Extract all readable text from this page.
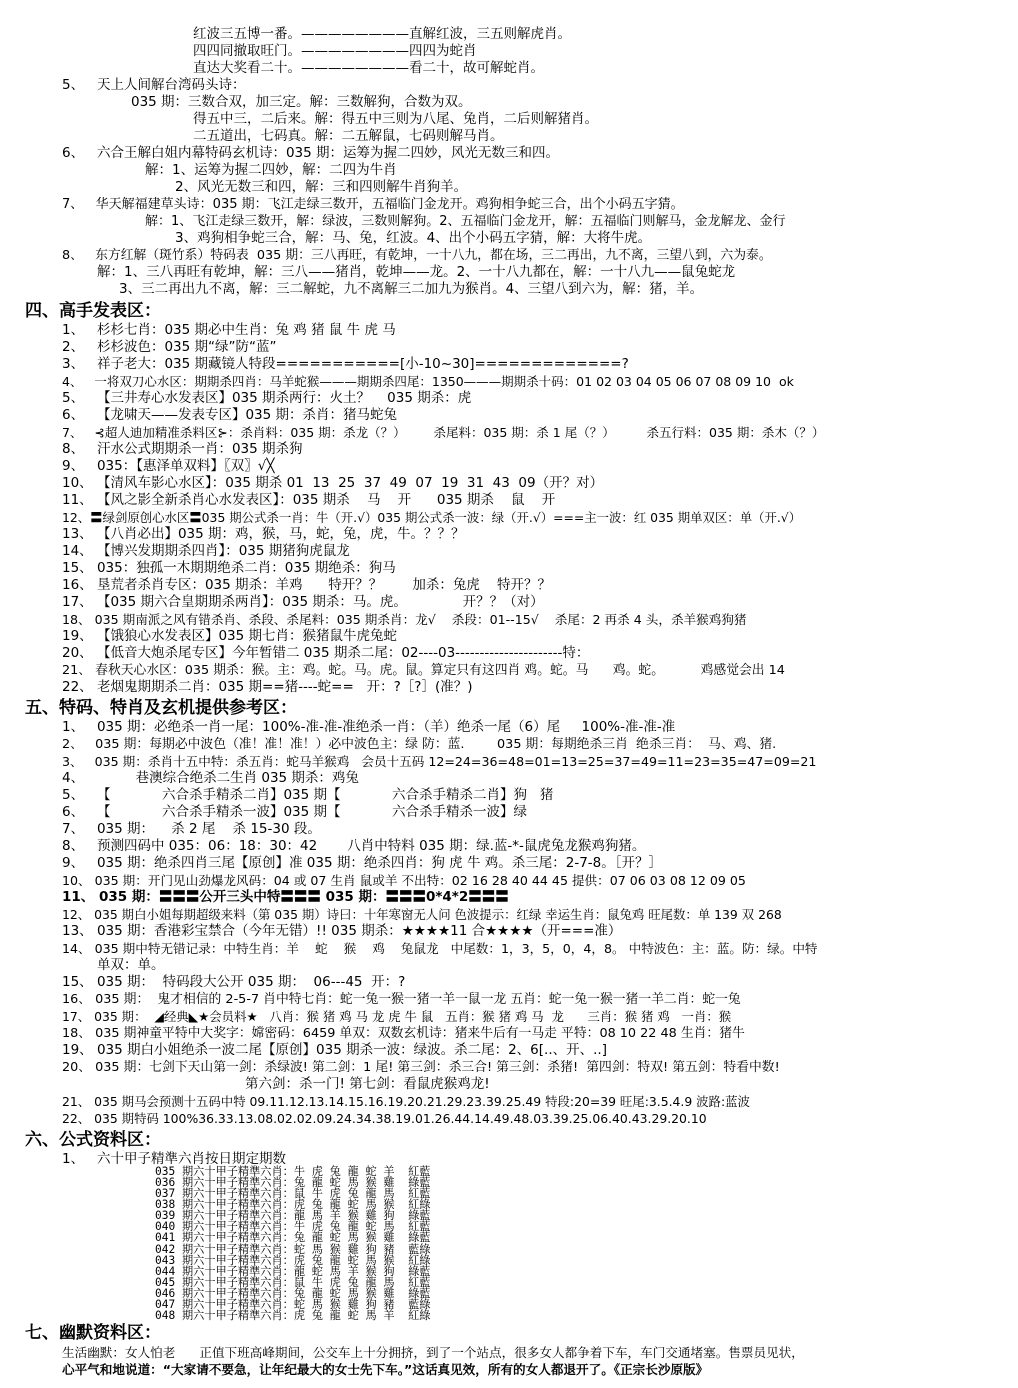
红波三五博一番。————————直解红波，三五则解虎肖。
四四同撤取旺门。————————四四为蛇肖
直达大奖看二十。————————看二十，故可解蛇肖。
5、   天上人间解台湾码头诗：
035 期：三数合双，加三定。解：三数解狗，合数为双。
得五中三，二后来。解：得五中三则为八尾、兔肖，二后则解猪肖。
二五道出，七码真。解：二五解鼠，七码则解马肖。
6、   六合王解白姐内幕特码玄机诗：035 期：运筹为握二四妙，风光无数三和四。
解：1、运筹为握二四妙，解：二四为牛肖
2、风光无数三和四，解：三和四则解牛肖狗羊。
7、   华天解福建草头诗：035 期：飞江走绿三数开，五福临门金龙开。鸡狗相争蛇三合，出个小码五字猜。
解：1、飞江走绿三数开，解：绿波，三数则解狗。2、五福临门金龙开，解：五福临门则解马，金龙解龙、金行
3、鸡狗相争蛇三合，解：马、兔，红波。4、出个小码五字猜，解：大将牛虎。
8、   东方红解（斑竹系）特码表  035 期：三八再旺，有乾坤，一十八九，都在场，三二再出，九不离，三望八到，六为泰。
解：1、三八再旺有乾坤，解：三八——猪肖，乾坤——龙。2、一十八九都在，解：一十八九——鼠兔蛇龙
3、三二再出九不离，解：三二解蛇，九不离解三二加九为猴肖。4、三望八到六为，解：猪，羊。
四、高手发表区：
1、   杉杉七肖：035 期必中生肖：兔 鸡 猪 鼠 牛 虎 马
2、   杉杉波色：035 期“绿”防“蓝”
3、   祥子老大：035 期藏镜人特段===========[小-10~30]=============?
4、   一将双刀心水区：期期杀四肖：马羊蛇猴———期期杀四尾：1350———期期杀十码：01 02 03 04 05 06 07 08 09 10  ok
5、   【三井寿心水发表区】035 期杀两行：火土？    035 期杀：虎
6、   【龙啸天——发表专区】035 期：杀肖：猪马蛇兔
7、   ⊰超人迪加精准杀料区⊱：杀肖料：035 期：杀龙（？）       杀尾料：035 期：杀 1 尾（？）        杀五行料：035 期：杀木（？）
8、   汗水公式期期杀一肖：035 期杀狗
9、   035：【惠泽单双料】〖双〗√╳
10、 【清风车影心水区】：035 期杀 01  13  25  37  49  07  19  31  43  09（开？对）
11、 【风之影全新杀肖心水发表区】：035 期杀    马    开      035 期杀    鼠    开
12、〓绿剑原创心水区〓035 期公式杀一肖：牛（开.√）035 期公式杀一波：绿（开.√）===主一波：红 035 期单双区：单（开.√）
13、 【八肖必出】035 期：鸡，猴，马，蛇，兔，虎，牛。？？？
14、 【博兴发期期杀四肖】：035 期猪狗虎鼠龙
15、 035：独孤一木期期绝杀二肖：035 期绝杀：狗马
16、 垦荒者杀肖专区：035 期杀：羊鸡      特开？？       加杀：兔虎    特开？？
17、 【035 期六合皇期期杀两肖】：035 期杀：马。虎。             开？？（对）
18、 035 期南派之风有错杀肖、杀段、杀尾料：035 期杀肖：龙√    杀段：01--15√    杀尾：2 再杀 4 头，杀羊猴鸡狗猪
19、 【饿狼心水发表区】035 期七肖：猴猪鼠牛虎兔蛇
20、 【低音大炮杀尾专区】今年暂错二 035 期杀二尾：02----03----------------------特：
21、 春秋天心水区：035 期杀：猴。主：鸡。蛇。马。虎。鼠。算定只有这四肖 鸡。蛇。马      鸡。蛇。         鸡感觉会出 14
22、 老烟鬼期期杀二肖：035 期==猪----蛇==   开：?［?］(准？)
五、特码、特肖及玄机提供参考区：
1、   035 期：必绝杀一肖一尾：100%-准-准-准绝杀一肖：（羊）绝杀一尾（6）尾     100%-准-准-准
2、   035 期：每期必中波色（准！准！准！）必中波色主：绿 防：蓝.        035 期：每期绝杀三肖  绝杀三肖：  马、鸡、猪.
3、   035 期：杀肖十五中特：杀五肖：蛇马羊猴鸡   会员十五码 12=24=36=48=01=13=25=37=49=11=23=35=47=09=21
4、            巷澳综合绝杀二生肖 035 期杀：鸡兔
5、   【            六合杀手精杀二肖】035 期【            六合杀手精杀二肖】狗   猪
6、   【            六合杀手精杀一波】035 期【            六合杀手精杀一波】绿
7、   035 期：    杀 2 尾    杀 15-30 段。
8、   预测四码中 035：06：18：30：42       八肖中特料 035 期：绿.蓝-*-鼠虎兔龙猴鸡狗猪。
9、   035 期：绝杀四肖三尾【原创】准 035 期：绝杀四肖：狗 虎 牛 鸡。杀三尾：2-7-8。［开？］
10、 035 期：开门见山劲爆龙风码：04 或 07 生肖 鼠或羊 不出特：02 16 28 40 44 45 提供：07 06 03 08 12 09 05
11、 035 期：〓〓〓公开三头中特〓〓〓 035 期：〓〓〓0*4*2〓〓〓
12、 035 期白小姐每期超级来料（第 035 期）诗曰：十年寒窗无人问 色波提示：红绿 幸运生肖：鼠兔鸡 旺尾数：单 139 双 268
13、 035 期：香港彩宝禁合（今年无错）!! 035 期杀：★★★★11 合★★★★（开===准）
14、 035 期中特无错记录：中特生肖：羊    蛇    猴    鸡    兔鼠龙   中尾数：1，3，5，0，4，8。 中特波色：主：蓝。防：绿。中特
单双：单。
15、 035 期：  特码段大公开 035 期：  06---45  开：?
16、 035 期：  鬼才相信的 2-5-7 肖中特七肖：蛇一兔一猴一猪一羊一鼠一龙 五肖：蛇一兔一猴一猪一羊二肖：蛇一兔
17、 035 期：  ◢经典◣★会员料★   八肖：猴 猪 鸡 马 龙 虎 牛 鼠   五肖：猴 猪 鸡 马  龙      三肖：猴 猪 鸡   一肖：猴
18、 035 期神童平特中大奖字：嫦密码：6459 单双：双数玄机诗：猪来牛后有一马走 平特：08 10 22 48 生肖：猪牛
19、 035 期白小姐绝杀一波二尾【原创】035 期杀一波：绿波。杀二尾：2、6[..、开、..]
20、 035 期：七剑下天山第一剑：杀绿波! 第二剑：1 尾! 第三剑：杀三合! 第三剑：杀猪!  第四剑：特双! 第五剑：特看中数!
第六剑：杀一门! 第七剑：看鼠虎猴鸡龙!
21、 035 期马会预测十五码中特 09.11.12.13.14.15.16.19.20.21.29.23.39.25.49 特段:20=39 旺尾:3.5.4.9 波路:蓝波
22、 035 期特码 100%36.33.13.08.02.02.09.24.34.38.19.01.26.44.14.49.48.03.39.25.06.40.43.29.20.10
六、公式资料区：
1、   六十甲子精準六肖按日期定期数
035 期六十甲子精準六肖：牛 虎 兔 龍 蛇 羊  紅藍
036 期六十甲子精準六肖：兔 龍 蛇 馬 猴 雞  綠藍
037 期六十甲子精準六肖：鼠 牛 虎 兔 龍 馬  紅藍
038 期六十甲子精準六肖：虎 兔 龍 蛇 馬 猴  紅綠
039 期六十甲子精準六肖：龍 馬 羊 猴 雞 狗  綠藍
040 期六十甲子精準六肖：牛 虎 兔 龍 蛇 馬  紅藍
041 期六十甲子精準六肖：兔 龍 蛇 馬 猴 雞  綠藍
042 期六十甲子精準六肖：蛇 馬 猴 雞 狗 豬  藍綠
043 期六十甲子精準六肖：虎 兔 龍 蛇 馬 猴  紅綠
044 期六十甲子精準六肖：龍 蛇 馬 羊 猴 狗  綠藍
045 期六十甲子精準六肖：鼠 牛 虎 兔 龍 馬  紅藍
046 期六十甲子精準六肖：兔 龍 蛇 馬 猴 雞  綠藍
047 期六十甲子精準六肖：蛇 馬 猴 雞 狗 豬  藍綠
048 期六十甲子精準六肖：虎 兔 龍 蛇 馬 羊  紅綠
七、幽默资料区：
生活幽默：女人怕老      正值下班高峰期间，公交车上十分拥挤，到了一个站点，很多女人都争着下车，车门交通堵塞。售票员见状，
心平气和地说道：“大家请不要急，让年纪最大的女士先下车。”这话真见效，所有的女人都退开了。《正宗长沙原版》
